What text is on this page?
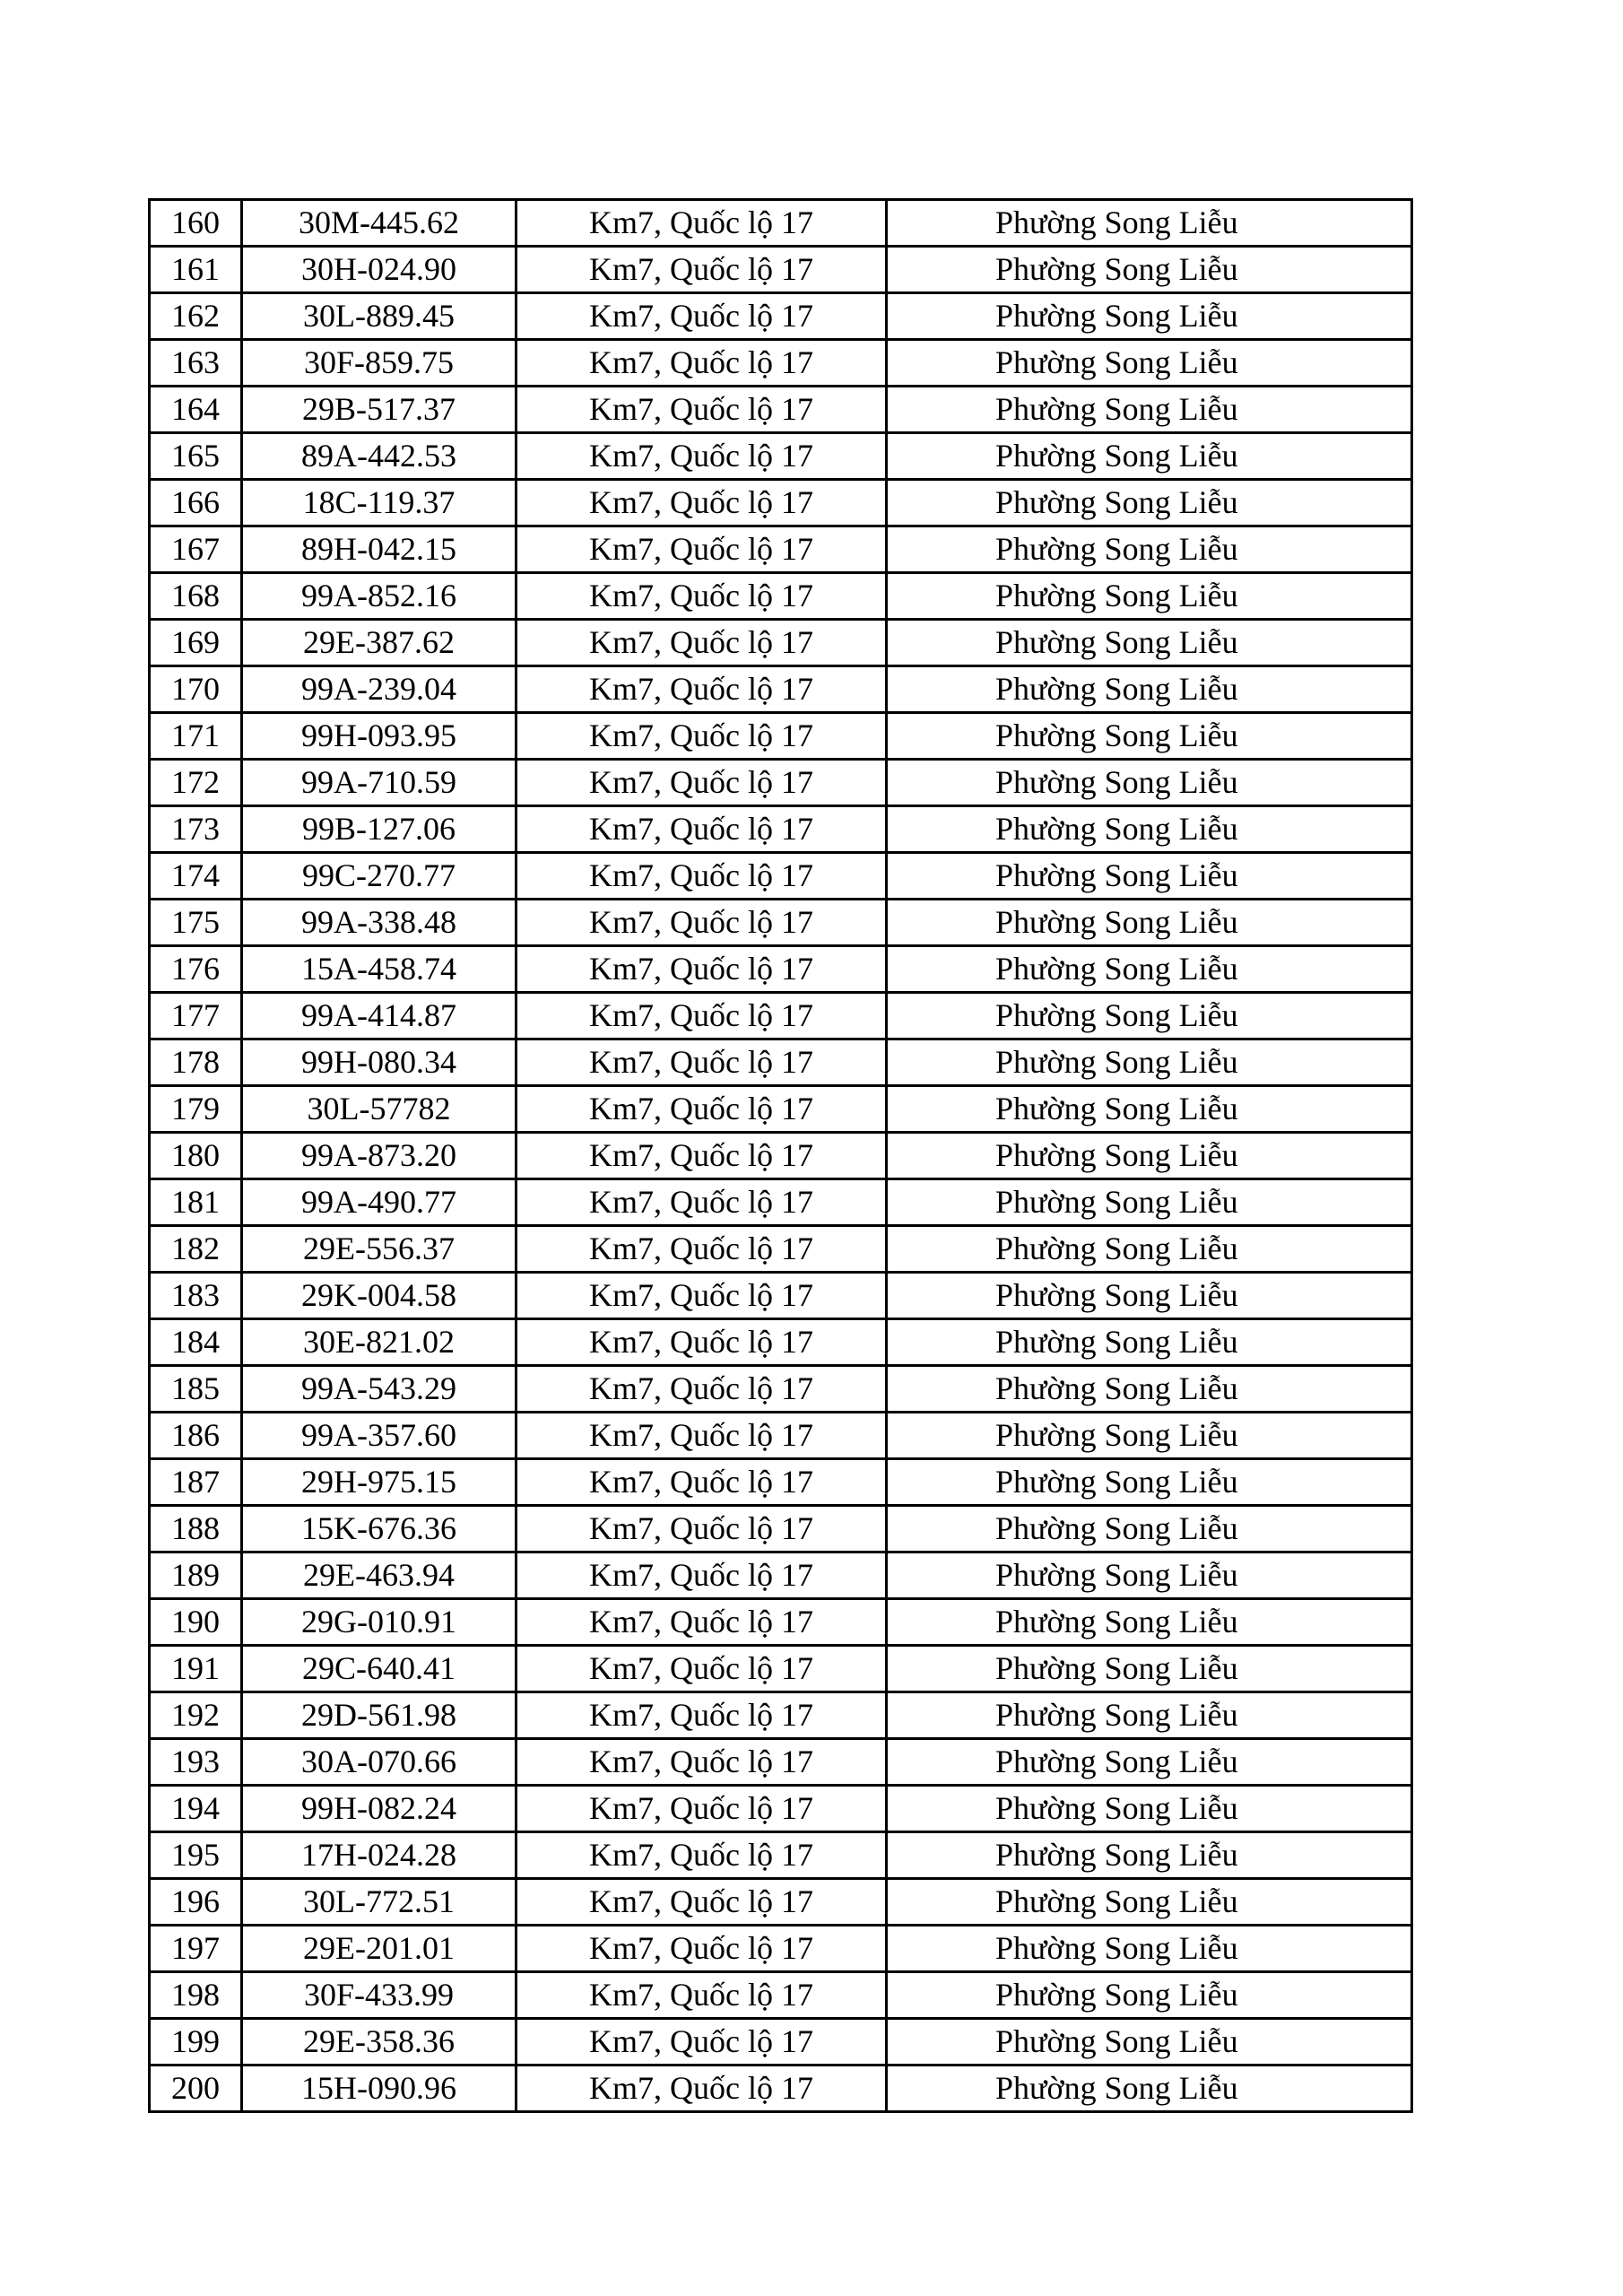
160	30M-445.62	Km7, Quốc lộ 17	Phường Song Liễu
161	30H-024.90	Km7, Quốc lộ 17	Phường Song Liễu
162	30L-889.45	Km7, Quốc lộ 17	Phường Song Liễu
163	30F-859.75	Km7, Quốc lộ 17	Phường Song Liễu
164	29B-517.37	Km7, Quốc lộ 17	Phường Song Liễu
165	89A-442.53	Km7, Quốc lộ 17	Phường Song Liễu
166	18C-119.37	Km7, Quốc lộ 17	Phường Song Liễu
167	89H-042.15	Km7, Quốc lộ 17	Phường Song Liễu
168	99A-852.16	Km7, Quốc lộ 17	Phường Song Liễu
169	29E-387.62	Km7, Quốc lộ 17	Phường Song Liễu
170	99A-239.04	Km7, Quốc lộ 17	Phường Song Liễu
171	99H-093.95	Km7, Quốc lộ 17	Phường Song Liễu
172	99A-710.59	Km7, Quốc lộ 17	Phường Song Liễu
173	99B-127.06	Km7, Quốc lộ 17	Phường Song Liễu
174	99C-270.77	Km7, Quốc lộ 17	Phường Song Liễu
175	99A-338.48	Km7, Quốc lộ 17	Phường Song Liễu
176	15A-458.74	Km7, Quốc lộ 17	Phường Song Liễu
177	99A-414.87	Km7, Quốc lộ 17	Phường Song Liễu
178	99H-080.34	Km7, Quốc lộ 17	Phường Song Liễu
179	30L-57782	Km7, Quốc lộ 17	Phường Song Liễu
180	99A-873.20	Km7, Quốc lộ 17	Phường Song Liễu
181	99A-490.77	Km7, Quốc lộ 17	Phường Song Liễu
182	29E-556.37	Km7, Quốc lộ 17	Phường Song Liễu
183	29K-004.58	Km7, Quốc lộ 17	Phường Song Liễu
184	30E-821.02	Km7, Quốc lộ 17	Phường Song Liễu
185	99A-543.29	Km7, Quốc lộ 17	Phường Song Liễu
186	99A-357.60	Km7, Quốc lộ 17	Phường Song Liễu
187	29H-975.15	Km7, Quốc lộ 17	Phường Song Liễu
188	15K-676.36	Km7, Quốc lộ 17	Phường Song Liễu
189	29E-463.94	Km7, Quốc lộ 17	Phường Song Liễu
190	29G-010.91	Km7, Quốc lộ 17	Phường Song Liễu
191	29C-640.41	Km7, Quốc lộ 17	Phường Song Liễu
192	29D-561.98	Km7, Quốc lộ 17	Phường Song Liễu
193	30A-070.66	Km7, Quốc lộ 17	Phường Song Liễu
194	99H-082.24	Km7, Quốc lộ 17	Phường Song Liễu
195	17H-024.28	Km7, Quốc lộ 17	Phường Song Liễu
196	30L-772.51	Km7, Quốc lộ 17	Phường Song Liễu
197	29E-201.01	Km7, Quốc lộ 17	Phường Song Liễu
198	30F-433.99	Km7, Quốc lộ 17	Phường Song Liễu
199	29E-358.36	Km7, Quốc lộ 17	Phường Song Liễu
200	15H-090.96	Km7, Quốc lộ 17	Phường Song Liễu
